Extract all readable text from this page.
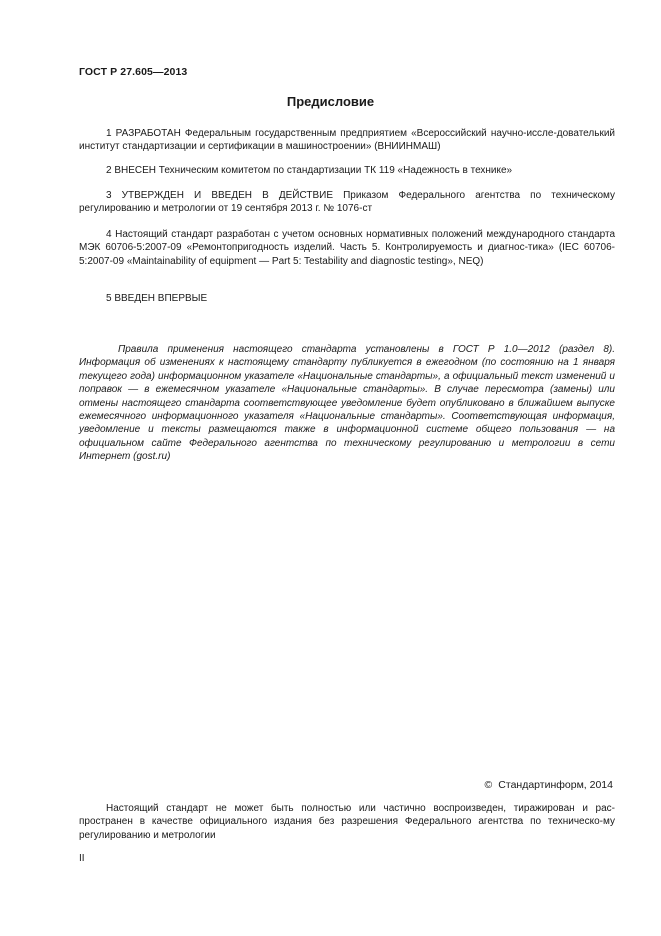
ГОСТ Р 27.605—2013
Предисловие
1 РАЗРАБОТАН Федеральным государственным предприятием «Всероссийский научно-иссле-дователький институт стандартизации и сертификации в машиностроении» (ВНИИНМАШ)
2 ВНЕСЕН Техническим комитетом по стандартизации ТК 119 «Надежность в технике»
3 УТВЕРЖДЕН И ВВЕДЕН В ДЕЙСТВИЕ Приказом Федерального агентства по техническому регулированию и метрологии от 19 сентября 2013 г. № 1076-ст
4 Настоящий стандарт разработан с учетом основных нормативных положений международного стандарта МЭК 60706-5:2007-09 «Ремонтопригодность изделий. Часть 5. Контролируемость и диагнос-тика» (IEC 60706-5:2007-09 «Maintainability of equipment — Part 5: Testability and diagnostic testing», NEQ)
5 ВВЕДЕН ВПЕРВЫЕ
Правила применения настоящего стандарта установлены в ГОСТ Р 1.0—2012 (раздел 8). Информация об изменениях к настоящему стандарту публикуется в ежегодном (по состоянию на 1 января текущего года) информационном указателе «Национальные стандарты», а официальный текст изменений и поправок — в ежемесячном указателе «Национальные стандарты». В случае пересмотра (замены) или отмены настоящего стандарта соответствующее уведомление будет опубликовано в ближайшем выпуске ежемесячного информационного указателя «Национальные стандарты». Соответствующая информация, уведомление и тексты размещаются также в информационной системе общего пользования — на официальном сайте Федерального агентства по техническому регулированию и метрологии в сети Интернет (gost.ru)
© Стандартинформ, 2014
Настоящий стандарт не может быть полностью или частично воспроизведен, тиражирован и рас-пространен в качестве официального издания без разрешения Федерального агентства по техническо-му регулированию и метрологии
II
